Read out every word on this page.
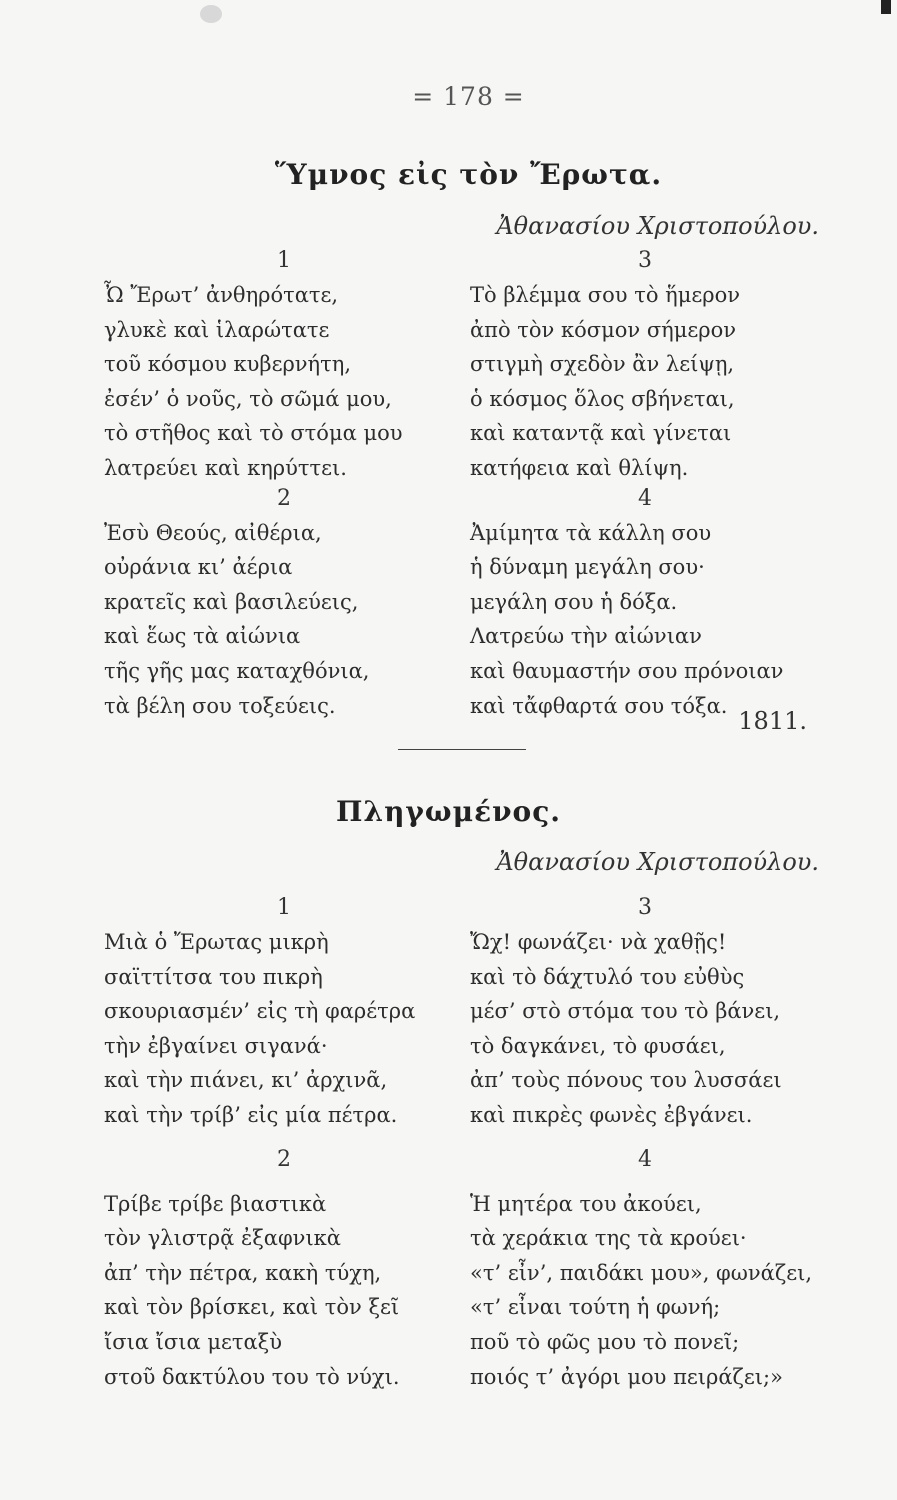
= 178 =
Ὕμνος εἰς τὸν Ἔρωτα.
Ἀθανασίου Χριστοπούλου.
1
Ὦ Ἔρωτ’ ἀνθηρότατε,
γλυκὲ καὶ ἱλαρώτατε
τοῦ κόσμου κυβερνήτη,
ἐσέν’ ὁ νοῦς, τὸ σῶμά μου,
τὸ στῆθος καὶ τὸ στόμα μου
λατρεύει καὶ κηρύττει.
2
Ἐσὺ Θεούς, αἰθέρια,
οὐράνια κι’ ἀέρια
κρατεῖς καὶ βασιλεύεις,
καὶ ἕως τὰ αἰώνια
τῆς γῆς μας καταχθόνια,
τὰ βέλη σου τοξεύεις.
3
Τὸ βλέμμα σου τὸ ἥμερον
ἀπὸ τὸν κόσμον σήμερον
στιγμὴ σχεδὸν ἂν λείψῃ,
ὁ κόσμος ὅλος σβήνεται,
καὶ καταντᾷ καὶ γίνεται
κατήφεια καὶ θλίψη.
4
Ἀμίμητα τὰ κάλλη σου
ἡ δύναμη μεγάλη σου·
μεγάλη σου ἡ δόξα.
Λατρεύω τὴν αἰώνιαν
καὶ θαυμαστήν σου πρόνοιαν
καὶ τἄφθαρτά σου τόξα.
1811.
Πληγωμένος.
Ἀθανασίου Χριστοπούλου.
1
Μιὰ ὁ Ἔρωτας μικρὴ
σαϊττίτσα του πικρὴ
σκουριασμέν’ εἰς τὴ φαρέτρα
τὴν ἐβγαίνει σιγανά·
καὶ τὴν πιάνει, κι’ ἀρχινᾶ,
καὶ τὴν τρίβ’ εἰς μία πέτρα.
2
Τρίβε τρίβε βιαστικὰ
τὸν γλιστρᾷ ἐξαφνικὰ
ἀπ’ τὴν πέτρα, κακὴ τύχη,
καὶ τὸν βρίσκει, καὶ τὸν ξεῖ
ἴσια ἴσια μεταξὺ
στοῦ δακτύλου του τὸ νύχι.
3
Ὤχ! φωνάζει· νὰ χαθῇς!
καὶ τὸ δάχτυλό του εὐθὺς
μέσ’ στὸ στόμα του τὸ βάνει,
τὸ δαγκάνει, τὸ φυσάει,
ἀπ’ τοὺς πόνους του λυσσάει
καὶ πικρὲς φωνὲς ἐβγάνει.
4
Ἡ μητέρα του ἀκούει,
τὰ χεράκια της τὰ κρούει·
«τ’ εἶν’, παιδάκι μου», φωνάζει,
«τ’ εἶναι τούτη ἡ φωνή;
ποῦ τὸ φῶς μου τὸ πονεῖ;
ποιός τ’ ἀγόρι μου πειράζει;»
